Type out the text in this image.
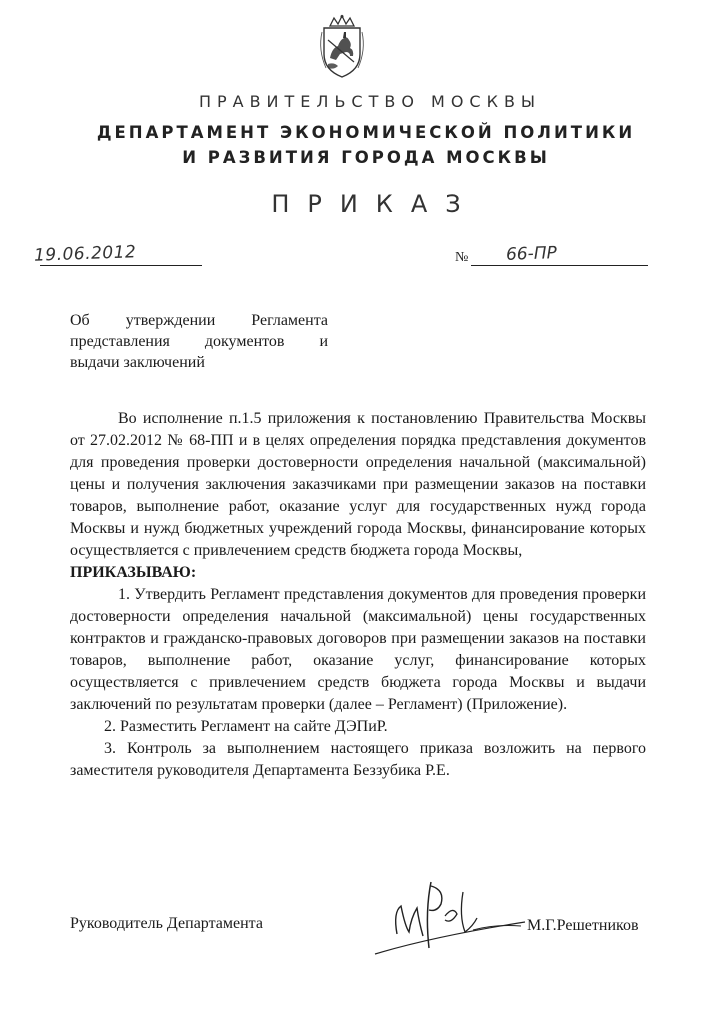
ПРАВИТЕЛЬСТВО МОСКВЫ
ДЕПАРТАМЕНТ ЭКОНОМИЧЕСКОЙ ПОЛИТИКИ
И РАЗВИТИЯ ГОРОДА МОСКВЫ
ПРИКАЗ
19.06.2012	№ 66-ПР
Об утверждении Регламента
представления документов и
выдачи заключений

Во исполнение п.1.5 приложения к постановлению Правительства Москвы от 27.02.2012 № 68-ПП и в целях определения порядка представления документов для проведения проверки достоверности определения начальной (максимальной) цены и получения заключения заказчиками при размещении заказов на поставки товаров, выполнение работ, оказание услуг для государственных нужд города Москвы и нужд бюджетных учреждений города Москвы, финансирование которых осуществляется с привлечением средств бюджета города Москвы,
ПРИКАЗЫВАЮ:

1. Утвердить Регламент представления документов для проведения проверки достоверности определения начальной (максимальной) цены государственных контрактов и гражданско-правовых договоров при размещении заказов на поставки товаров, выполнение работ, оказание услуг, финансирование которых осуществляется с привлечением средств бюджета города Москвы и выдачи заключений по результатам проверки (далее – Регламент) (Приложение).

2. Разместить Регламент на сайте ДЭПиР.

3. Контроль за выполнением настоящего приказа возложить на первого заместителя руководителя Департамента Беззубика Р.Е.

Руководитель Департамента	М.Г.Решетников
